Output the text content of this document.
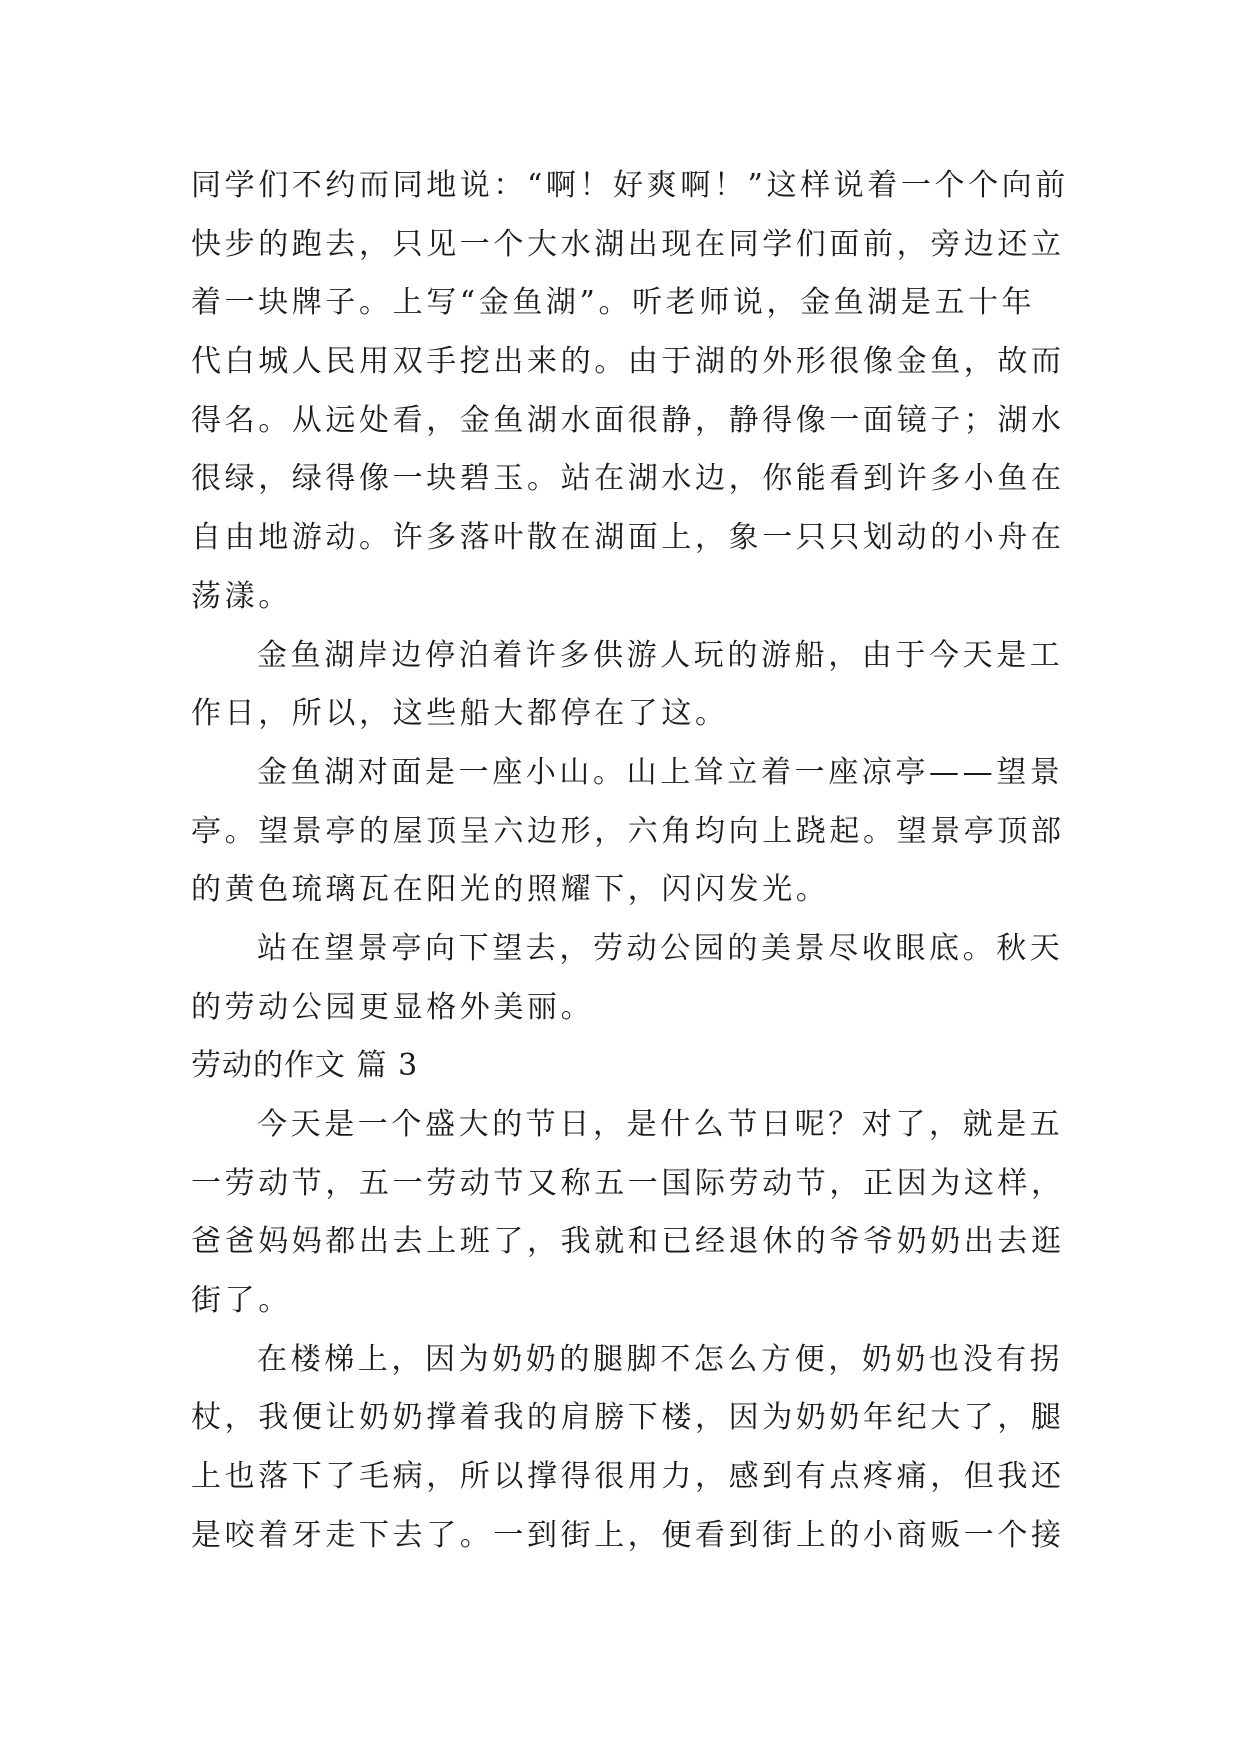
同学们不约而同地说：“啊！好爽啊！”这样说着一个个向前
快步的跑去，只见一个大水湖出现在同学们面前，旁边还立
着一块牌子。上写“金鱼湖”。听老师说，金鱼湖是五十年
代白城人民用双手挖出来的。由于湖的外形很像金鱼，故而
得名。从远处看，金鱼湖水面很静，静得像一面镜子；湖水
很绿，绿得像一块碧玉。站在湖水边，你能看到许多小鱼在
自由地游动。许多落叶散在湖面上，象一只只划动的小舟在
荡漾。
金鱼湖岸边停泊着许多供游人玩的游船，由于今天是工
作日，所以，这些船大都停在了这。
金鱼湖对面是一座小山。山上耸立着一座凉亭——望景
亭。望景亭的屋顶呈六边形，六角均向上跷起。望景亭顶部
的黄色琉璃瓦在阳光的照耀下，闪闪发光。
站在望景亭向下望去，劳动公园的美景尽收眼底。秋天
的劳动公园更显格外美丽。
劳动的作文 篇 3
今天是一个盛大的节日，是什么节日呢？对了，就是五
一劳动节，五一劳动节又称五一国际劳动节，正因为这样，
爸爸妈妈都出去上班了，我就和已经退休的爷爷奶奶出去逛
街了。
在楼梯上，因为奶奶的腿脚不怎么方便，奶奶也没有拐
杖，我便让奶奶撑着我的肩膀下楼，因为奶奶年纪大了，腿
上也落下了毛病，所以撑得很用力，感到有点疼痛，但我还
是咬着牙走下去了。一到街上，便看到街上的小商贩一个接
